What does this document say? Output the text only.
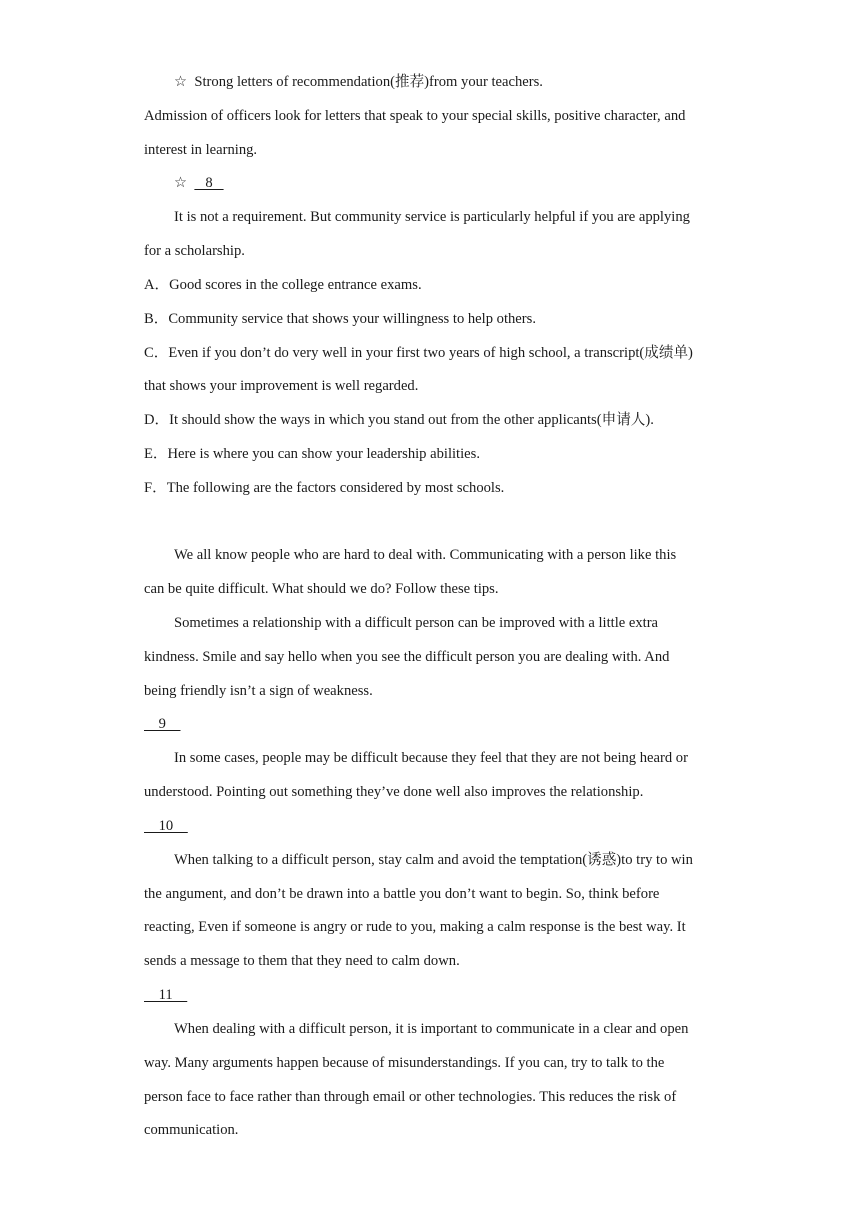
☆ Strong letters of recommendation(推荐)from your teachers.
Admission of officers look for letters that speak to your special skills, positive character, and
interest in learning.
☆     8
It is not a requirement. But community service is particularly helpful if you are applying
for a scholarship.
A．Good scores in the college entrance exams.
B．Community service that shows your willingness to help others.
C．Even if you don’t do very well in your first two years of high school, a transcript(成绩单)
that shows your improvement is well regarded.
D．It should show the ways in which you stand out from the other applicants(申请人).
E．Here is where you can show your leadership abilities.
F．The following are the factors considered by most schools.
We all know people who are hard to deal with. Communicating with a person like this
can be quite difficult. What should we do? Follow these tips.
Sometimes a relationship with a difficult person can be improved with a little extra
kindness. Smile and say hello when you see the difficult person you are dealing with. And
being friendly isn’t a sign of weakness.
9
In some cases, people may be difficult because they feel that they are not being heard or
understood. Pointing out something they’ve done well also improves the relationship.
10
When talking to a difficult person, stay calm and avoid the temptation(诱惑)to try to win
the angument, and don’t be drawn into a battle you don’t want to begin. So, think before
reacting, Even if someone is angry or rude to you, making a calm response is the best way. It
sends a message to them that they need to calm down.
11
When dealing with a difficult person, it is important to communicate in a clear and open
way. Many arguments happen because of misunderstandings. If you can, try to talk to the
person face to face rather than through email or other technologies. This reduces the risk of
communication.
